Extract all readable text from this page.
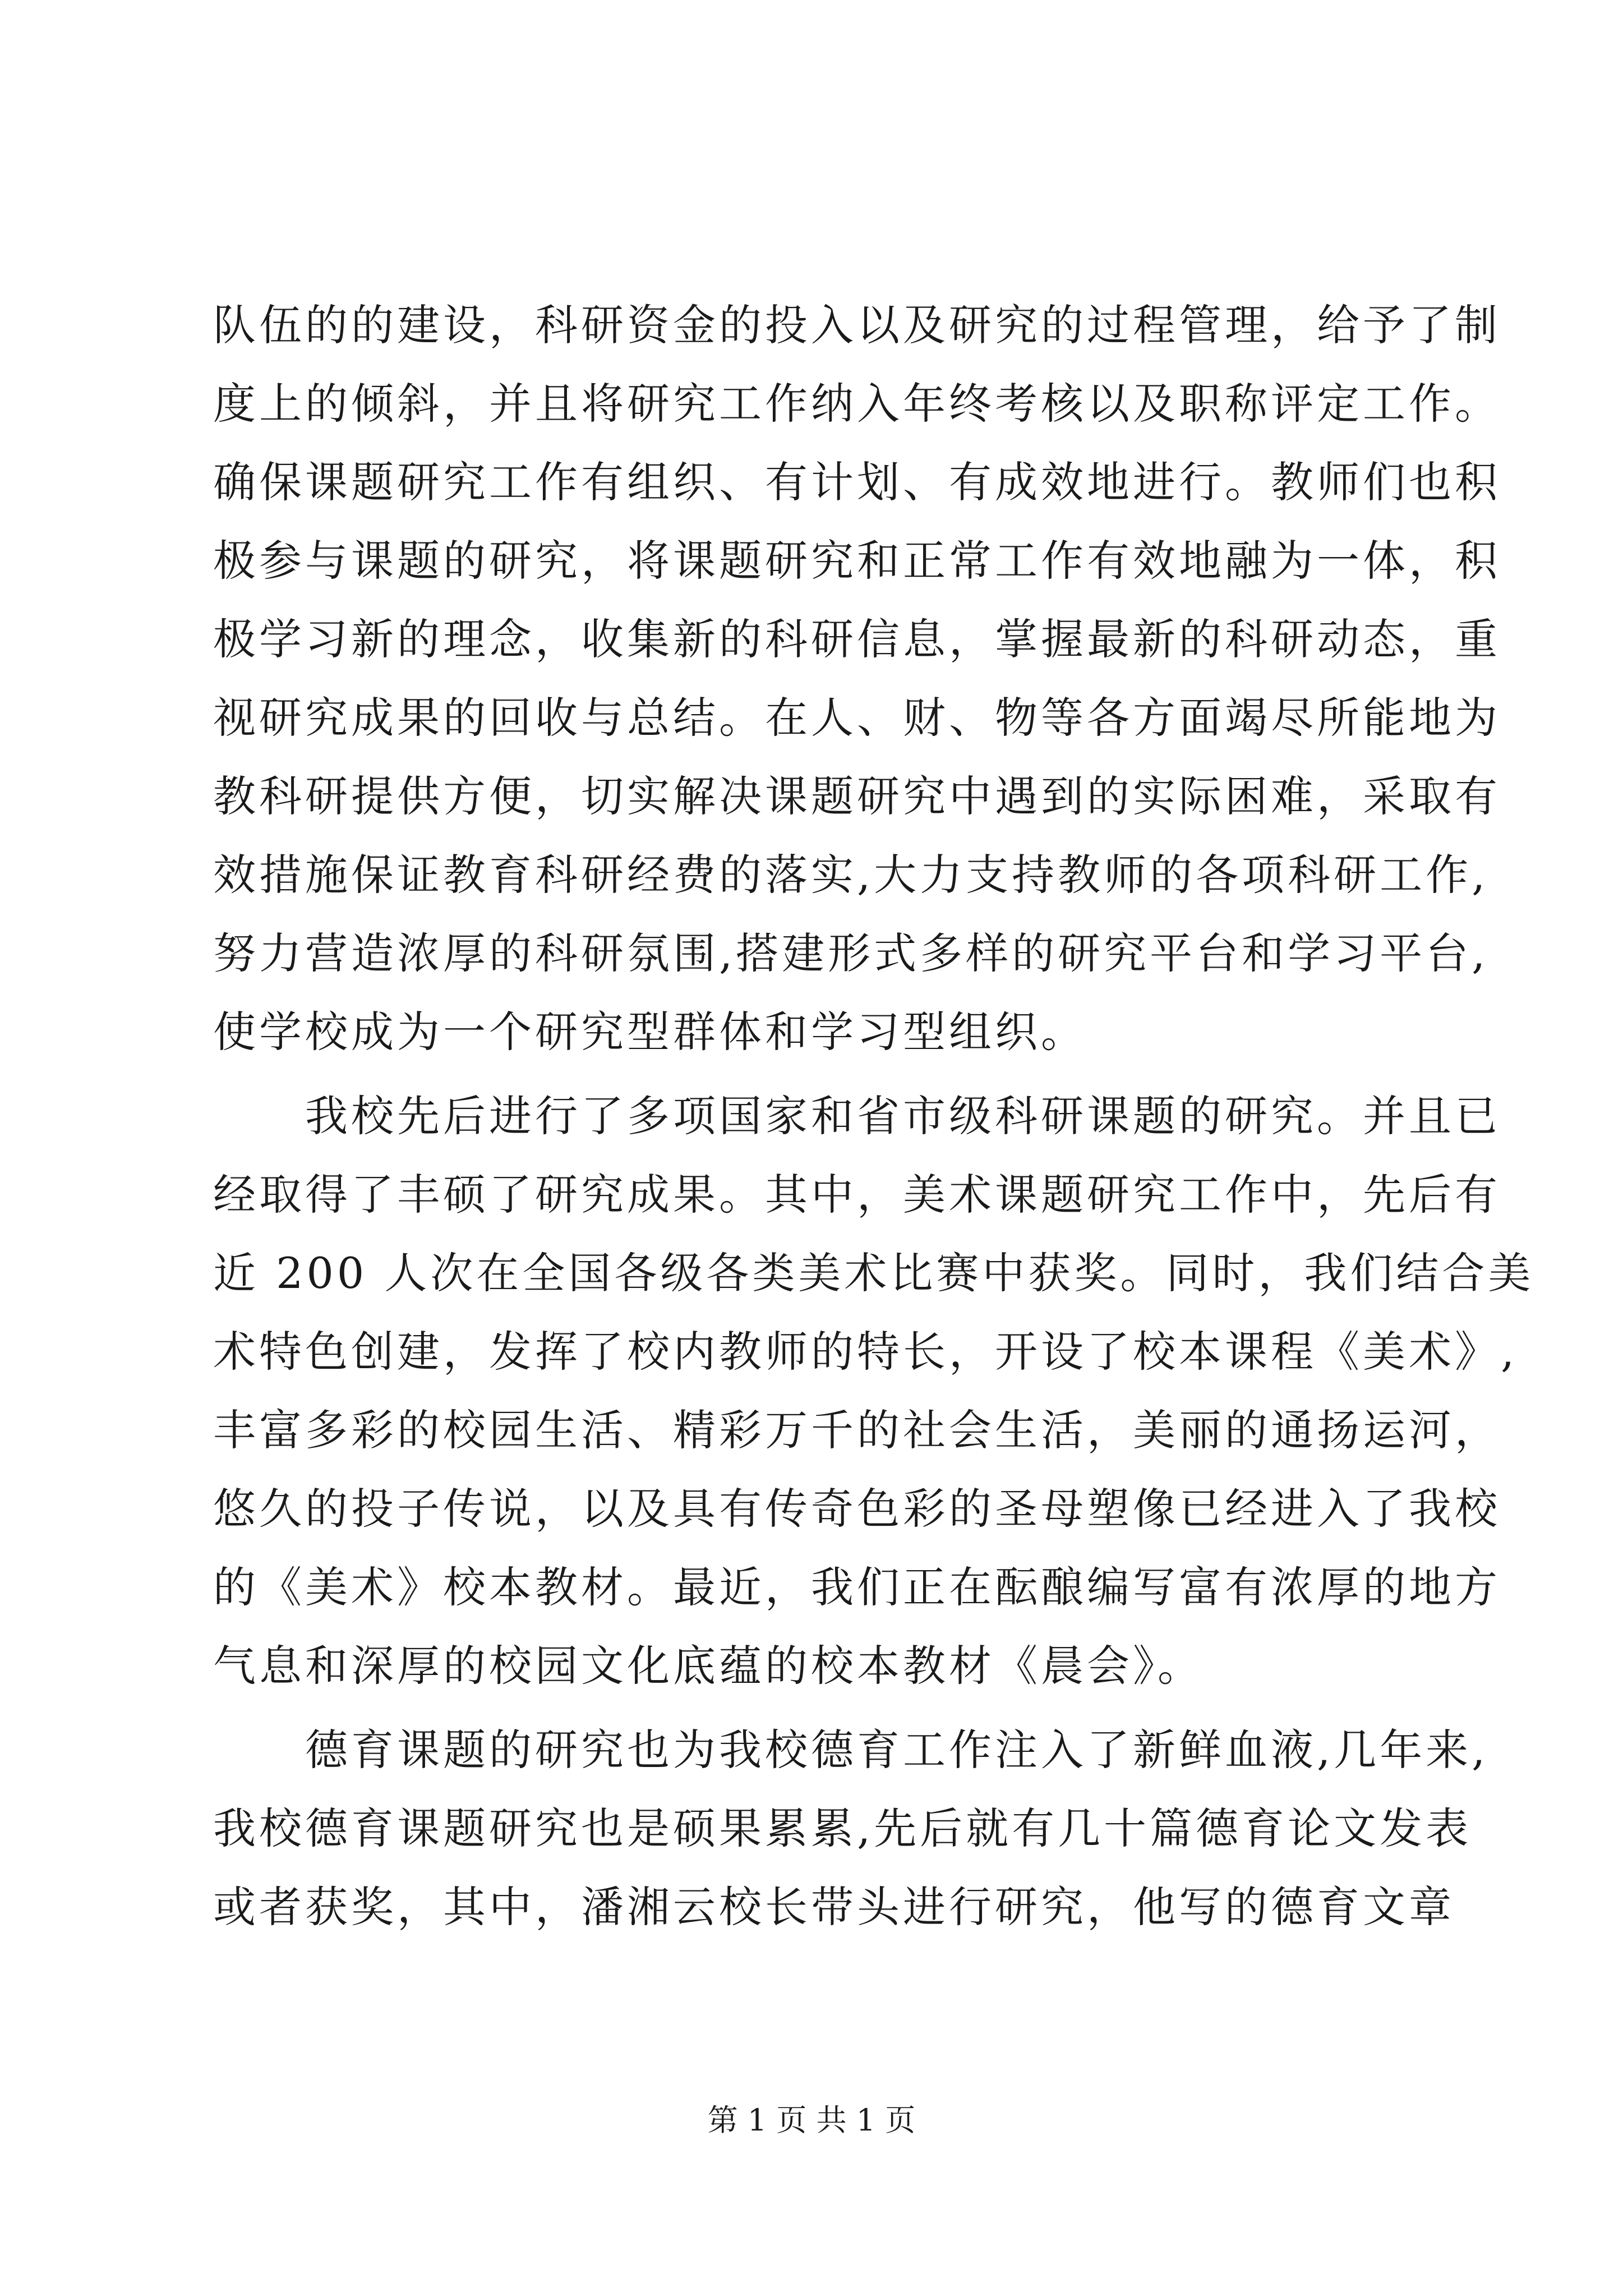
队伍的的建设，科研资金的投入以及研究的过程管理，给予了制
度上的倾斜，并且将研究工作纳入年终考核以及职称评定工作。
确保课题研究工作有组织、有计划、有成效地进行。教师们也积
极参与课题的研究，将课题研究和正常工作有效地融为一体，积
极学习新的理念，收集新的科研信息，掌握最新的科研动态，重
视研究成果的回收与总结。在人、财、物等各方面竭尽所能地为
教科研提供方便，切实解决课题研究中遇到的实际困难，采取有
效措施保证教育科研经费的落实,大力支持教师的各项科研工作,
努力营造浓厚的科研氛围,搭建形式多样的研究平台和学习平台,
使学校成为一个研究型群体和学习型组织。
　　我校先后进行了多项国家和省市级科研课题的研究。并且已
经取得了丰硕了研究成果。其中，美术课题研究工作中，先后有
近 200 人次在全国各级各类美术比赛中获奖。同时，我们结合美
术特色创建，发挥了校内教师的特长，开设了校本课程《美术》,
丰富多彩的校园生活、精彩万千的社会生活，美丽的通扬运河，
悠久的投子传说，以及具有传奇色彩的圣母塑像已经进入了我校
的《美术》校本教材。最近，我们正在酝酿编写富有浓厚的地方
气息和深厚的校园文化底蕴的校本教材《晨会》。
　　德育课题的研究也为我校德育工作注入了新鲜血液,几年来,
我校德育课题研究也是硕果累累,先后就有几十篇德育论文发表
或者获奖，其中，潘湘云校长带头进行研究，他写的德育文章
第 1 页 共 1 页
